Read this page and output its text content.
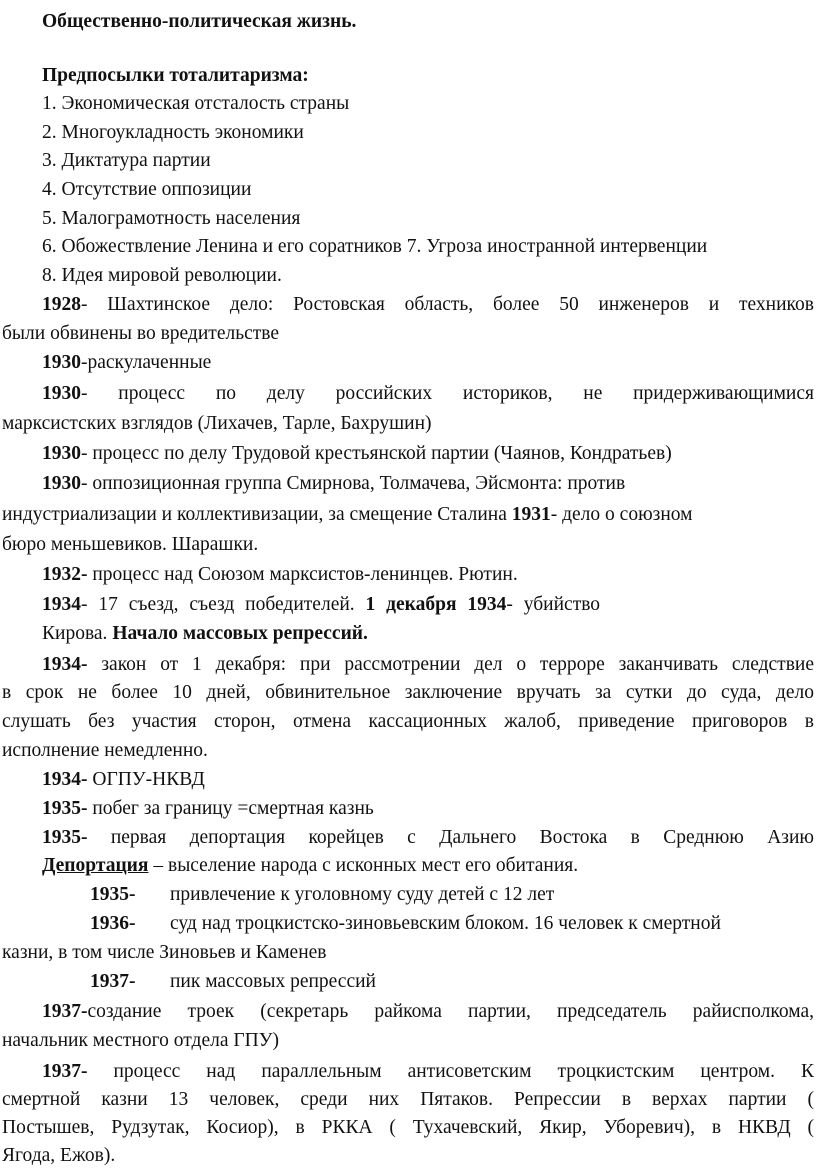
Общественно-политическая жизнь.

Предпосылки тоталитаризма:

1. Экономическая отсталость страны

2. Многоукладность экономики

3. Диктатура партии

4. Отсутствие оппозиции

5. Малограмотность населения

6. Обожествление Ленина и его соратников 7. Угроза иностранной интервенции

8. Идея мировой революции.

1928- Шахтинское дело: Ростовская область, более 50 инженеров и техников

были обвинены во вредительстве

1930-раскулаченные

1930- процесс по делу российских историков, не придерживающимися

марксистских взглядов (Лихачев, Тарле, Бахрушин)

1930- процесс по делу Трудовой крестьянской партии (Чаянов, Кондратьев)

1930- оппозиционная группа Смирнова, Толмачева, Эйсмонта: против

индустриализации и коллективизации, за смещение Сталина 1931- дело о союзном

бюро меньшевиков. Шарашки.

1932- процесс над Союзом марксистов-ленинцев. Рютин.

1934- 17 съезд, съезд победителей. 1 декабря 1934- убийство

Кирова. Начало массовых репрессий.

1934- закон от 1 декабря: при рассмотрении дел о терроре заканчивать следствие

в срок не более 10 дней, обвинительное заключение вручать за сутки до суда, дело

слушать без участия сторон, отмена кассационных жалоб, приведение приговоров в

исполнение немедленно.

1934- ОГПУ-НКВД

1935- побег за границу =смертная казнь

1935- первая депортация корейцев с Дальнего Востока в Среднюю Азию

Депортация – выселение народа с исконных мест его обитания.

1935- привлечение к уголовному суду детей с 12 лет

1936- суд над троцкистско-зиновьевским блоком. 16 человек к смертной

казни, в том числе Зиновьев и Каменев

1937- пик массовых репрессий

1937-создание троек (секретарь райкома партии, председатель райисполкома,

начальник местного отдела ГПУ)

1937- процесс над параллельным антисоветским троцкистским центром. К

смертной казни 13 человек, среди них Пятаков. Репрессии в верхах партии (

Постышев, Рудзутак, Косиор), в РККА ( Тухачевский, Якир, Уборевич), в НКВД (

Ягода, Ежов).
